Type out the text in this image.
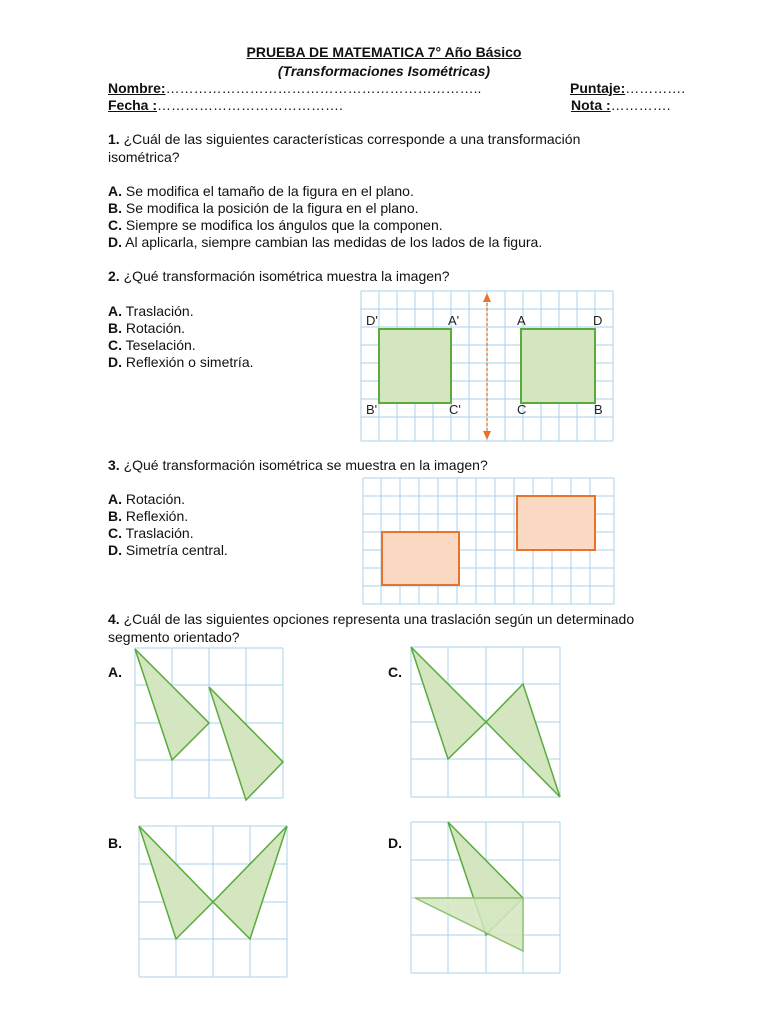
PRUEBA DE MATEMATICA 7° Año Básico
(Transformaciones Isométricas)
Nombre:…………………………………………………………..	Puntaje:………….
Fecha :………………………………….	Nota :………….
1. ¿Cuál de las siguientes características corresponde a una transformación
isométrica?
A. Se modifica el tamaño de la figura en el plano.
B. Se modifica la posición de la figura en el plano.
C. Siempre se modifica los ángulos que la componen.
D. Al aplicarla, siempre cambian las medidas de los lados de la figura.
2. ¿Qué transformación isométrica muestra la imagen?
A. Traslación.
B. Rotación.
C. Teselación.
D. Reflexión o simetría.
D'	A'
B'	C'
A	D
C	B
3. ¿Qué transformación isométrica se muestra en la imagen?
A. Rotación.
B. Reflexión.
C. Traslación.
D. Simetría central.
4. ¿Cuál de las siguientes opciones representa una traslación según un determinado
segmento orientado?
A.	C.
B.	D.
